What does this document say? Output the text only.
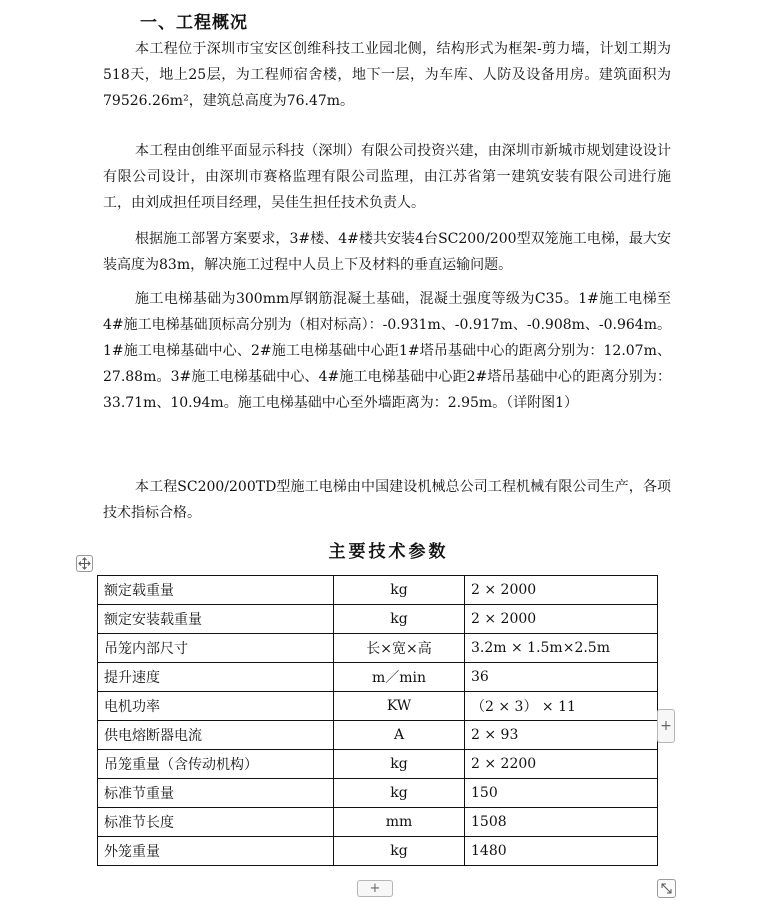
一、工程概况

本工程位于深圳市宝安区创维科技工业园北侧，结构形式为框架-剪力墙，计划工期为518天，地上25层，为工程师宿舍楼，地下一层，为车库、人防及设备用房。建筑面积为79526.26m²，建筑总高度为76.47m。

本工程由创维平面显示科技（深圳）有限公司投资兴建，由深圳市新城市规划建设设计有限公司设计，由深圳市赛格监理有限公司监理，由江苏省第一建筑安装有限公司进行施工，由刘成担任项目经理，吴佳生担任技术负责人。

根据施工部署方案要求，3#楼、4#楼共安装4台SC200/200型双笼施工电梯，最大安装高度为83m，解决施工过程中人员上下及材料的垂直运输问题。

施工电梯基础为300mm厚钢筋混凝土基础，混凝土强度等级为C35。1#施工电梯至4#施工电梯基础顶标高分别为（相对标高）：-0.931m、-0.917m、-0.908m、-0.964m。1#施工电梯基础中心、2#施工电梯基础中心距1#塔吊基础中心的距离分别为：12.07m、27.88m。3#施工电梯基础中心、4#施工电梯基础中心距2#塔吊基础中心的距离分别为：33.71m、10.94m。施工电梯基础中心至外墙距离为：2.95m。（详附图1）

本工程SC200/200TD型施工电梯由中国建设机械总公司工程机械有限公司生产，各项技术指标合格。

主要技术参数
额定载重量	kg	2 × 2000
额定安装载重量	kg	2 × 2000
吊笼内部尺寸	长×宽×高	3.2m × 1.5m×2.5m
提升速度	m／min	36
电机功率	KW	（2 × 3） × 11
供电熔断器电流	A	2 × 93
吊笼重量（含传动机构）	kg	2 × 2200
标准节重量	kg	150
标准节长度	mm	1508
外笼重量	kg	1480
+
+
